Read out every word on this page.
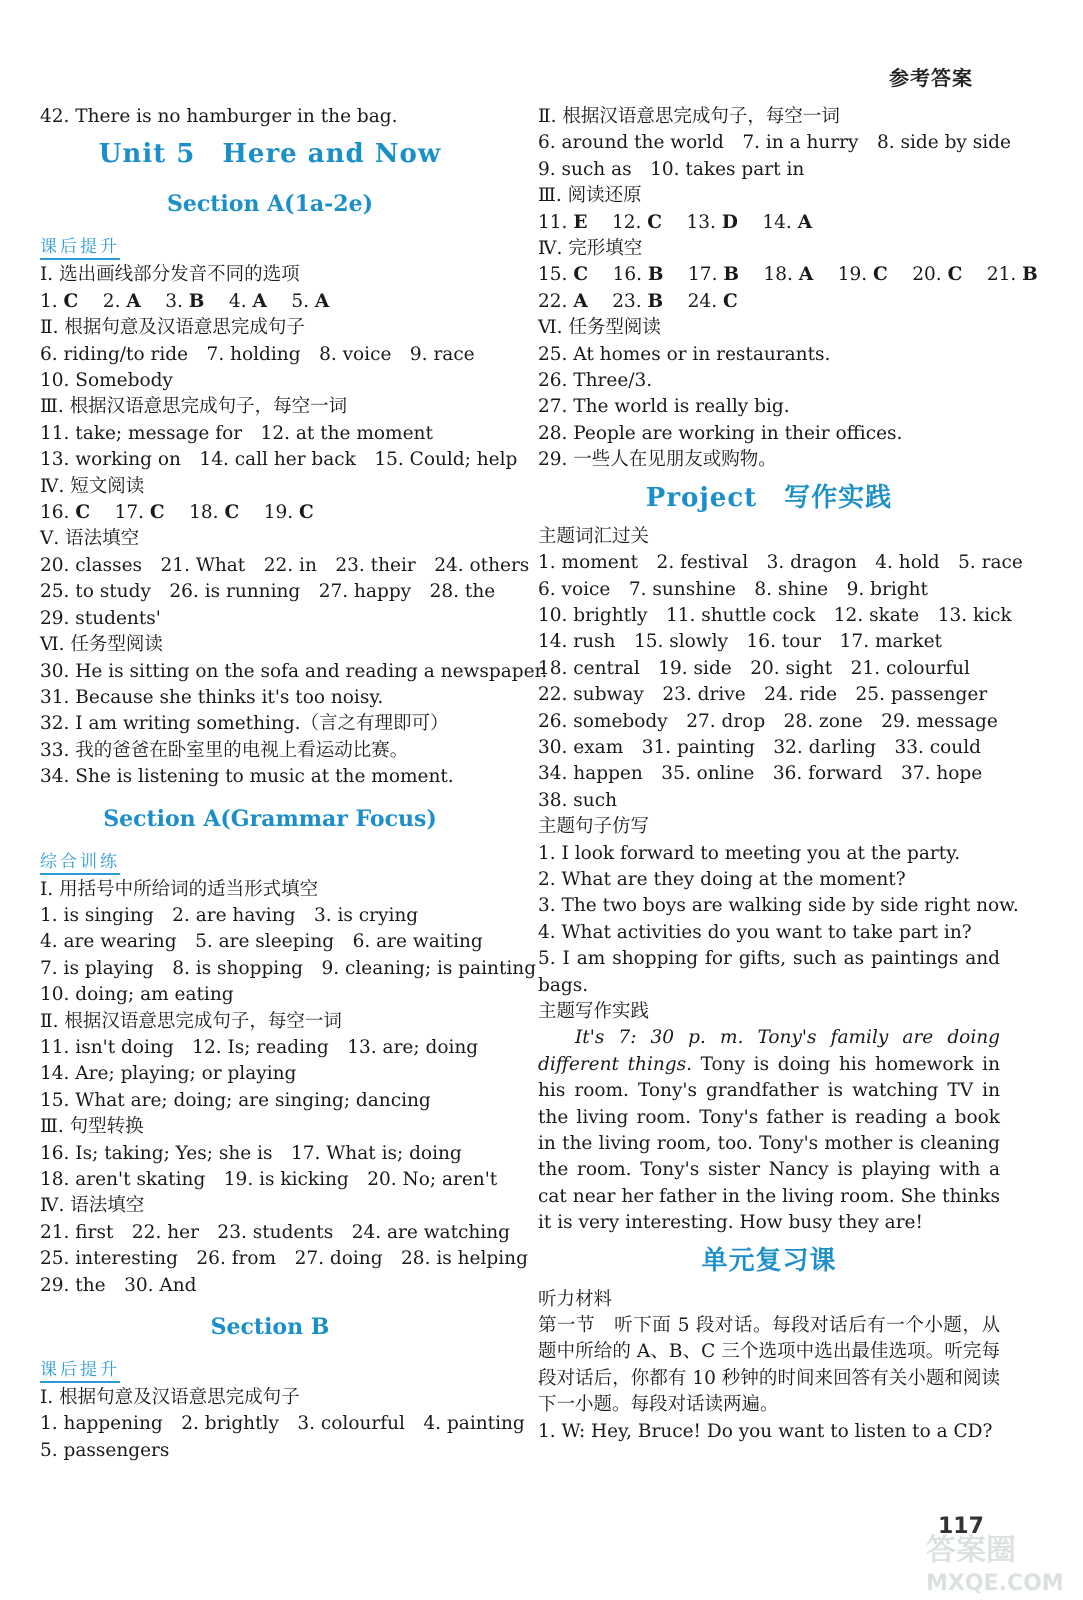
参考答案
42. There is no hamburger in the bag.
Unit 5　Here and Now
Section A(1a-2e)
课后提升
Ⅰ. 选出画线部分发音不同的选项
1. C　 2. A　 3. B　 4. A　 5. A
Ⅱ. 根据句意及汉语意思完成句子
6. riding/to ride　7. holding　8. voice　9. race
10. Somebody
Ⅲ. 根据汉语意思完成句子，每空一词
11. take; message for　12. at the moment
13. working on　14. call her back　15. Could; help
Ⅳ. 短文阅读
16. C　 17. C　 18. C　 19. C
Ⅴ. 语法填空
20. classes　21. What　22. in　23. their　24. others
25. to study　26. is running　27. happy　28. the
29. students'
Ⅵ. 任务型阅读
30. He is sitting on the sofa and reading a newspaper.
31. Because she thinks it's too noisy.
32. I am writing something.（言之有理即可）
33. 我的爸爸在卧室里的电视上看运动比赛。
34. She is listening to music at the moment.
Section A(Grammar Focus)
综合训练
Ⅰ. 用括号中所给词的适当形式填空
1. is singing　2. are having　3. is crying
4. are wearing　5. are sleeping　6. are waiting
7. is playing　8. is shopping　9. cleaning; is painting
10. doing; am eating
Ⅱ. 根据汉语意思完成句子，每空一词
11. isn't doing　12. Is; reading　13. are; doing
14. Are; playing; or playing
15. What are; doing; are singing; dancing
Ⅲ. 句型转换
16. Is; taking; Yes; she is　17. What is; doing
18. aren't skating　19. is kicking　20. No; aren't
Ⅳ. 语法填空
21. first　22. her　23. students　24. are watching
25. interesting　26. from　27. doing　28. is helping
29. the　30. And
Section B
课后提升
Ⅰ. 根据句意及汉语意思完成句子
1. happening　2. brightly　3. colourful　4. painting
5. passengers
Ⅱ. 根据汉语意思完成句子，每空一词
6. around the world　7. in a hurry　8. side by side
9. such as　10. takes part in
Ⅲ. 阅读还原
11. E　 12. C　 13. D　 14. A
Ⅳ. 完形填空
15. C　 16. B　 17. B　 18. A　 19. C　 20. C　 21. B
22. A　 23. B　 24. C
Ⅵ. 任务型阅读
25. At homes or in restaurants.
26. Three/3.
27. The world is really big.
28. People are working in their offices.
29. 一些人在见朋友或购物。
Project　写作实践
主题词汇过关
1. moment　2. festival　3. dragon　4. hold　5. race
6. voice　7. sunshine　8. shine　9. bright
10. brightly　11. shuttle cock　12. skate　13. kick
14. rush　15. slowly　16. tour　17. market
18. central　19. side　20. sight　21. colourful
22. subway　23. drive　24. ride　25. passenger
26. somebody　27. drop　28. zone　29. message
30. exam　31. painting　32. darling　33. could
34. happen　35. online　36. forward　37. hope
38. such
主题句子仿写
1. I look forward to meeting you at the party.
2. What are they doing at the moment?
3. The two boys are walking side by side right now.
4. What activities do you want to take part in?
5. I am shopping for gifts, such as paintings and bags.
主题写作实践
It's 7: 30 p. m. Tony's family are doing different things. Tony is doing his homework in his room. Tony's grandfather is watching TV in the living room. Tony's father is reading a book in the living room, too. Tony's mother is cleaning the room. Tony's sister Nancy is playing with a cat near her father in the living room. She thinks it is very interesting. How busy they are!
单元复习课
听力材料
第一节　听下面 5 段对话。每段对话后有一个小题，从题中所给的 A、B、C 三个选项中选出最佳选项。听完每段对话后，你都有 10 秒钟的时间来回答有关小题和阅读下一小题。每段对话读两遍。
1. W: Hey, Bruce! Do you want to listen to a CD?
117
答案圈
MXQE.COM
